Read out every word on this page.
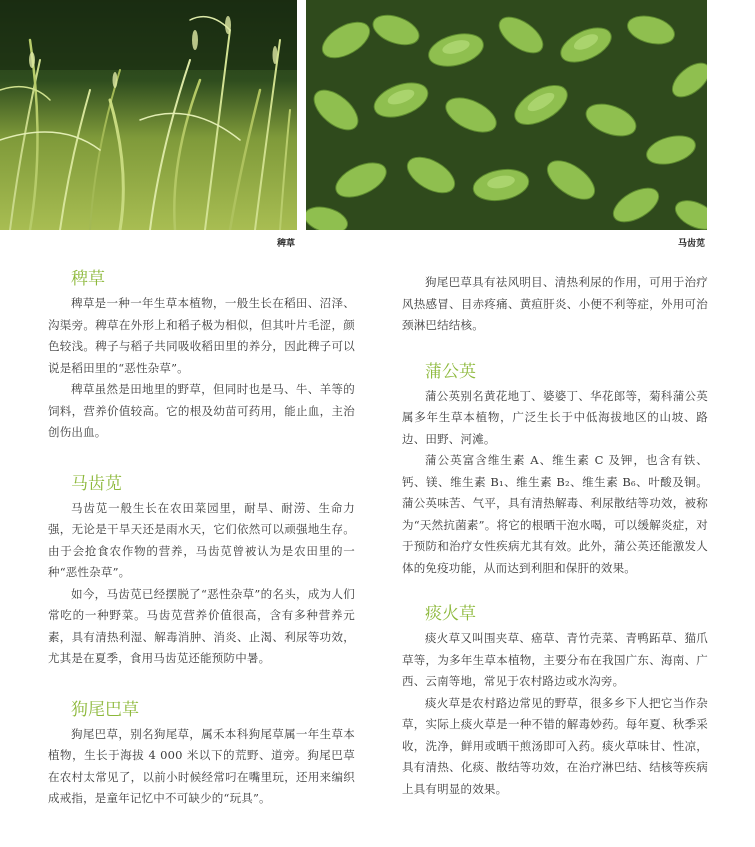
稗草	马齿苋
稗草

稗草是一种一年生草本植物，一般生长在稻田、沼泽、沟渠旁。稗草在外形上和稻子极为相似，但其叶片毛涩，颜色较浅。稗子与稻子共同吸收稻田里的养分，因此稗子可以说是稻田里的“恶性杂草”。

稗草虽然是田地里的野草，但同时也是马、牛、羊等的饲料，营养价值较高。它的根及幼苗可药用，能止血，主治创伤出血。

马齿苋

马齿苋一般生长在农田菜园里，耐旱、耐涝、生命力强，无论是干旱天还是雨水天，它们依然可以顽强地生存。由于会抢食农作物的营养，马齿苋曾被认为是农田里的一种“恶性杂草”。

如今，马齿苋已经摆脱了“恶性杂草”的名头，成为人们常吃的一种野菜。马齿苋营养价值很高，含有多种营养元素，具有清热利湿、解毒消肿、消炎、止渴、利尿等功效，尤其是在夏季，食用马齿苋还能预防中暑。

狗尾巴草

狗尾巴草，别名狗尾草，属禾本科狗尾草属一年生草本植物，生长于海拔 4 000 米以下的荒野、道旁。狗尾巴草在农村太常见了，以前小时候经常叼在嘴里玩，还用来编织成戒指，是童年记忆中不可缺少的“玩具”。

狗尾巴草具有祛风明目、清热利尿的作用，可用于治疗风热感冒、目赤疼痛、黄疸肝炎、小便不利等症，外用可治颈淋巴结结核。

蒲公英

蒲公英别名黄花地丁、婆婆丁、华花郎等，菊科蒲公英属多年生草本植物，广泛生长于中低海拔地区的山坡、路边、田野、河滩。

蒲公英富含维生素 A、维生素 C 及钾，也含有铁、钙、镁、维生素 B₁、维生素 B₂、维生素 B₆、叶酸及铜。蒲公英味苦、气平，具有清热解毒、利尿散结等功效，被称为“天然抗菌素”。将它的根晒干泡水喝，可以缓解炎症，对于预防和治疗女性疾病尤其有效。此外，蒲公英还能激发人体的免疫功能，从而达到利胆和保肝的效果。

痰火草

痰火草又叫围夹草、癌草、青竹壳菜、青鸭跖草、猫爪草等，为多年生草本植物，主要分布在我国广东、海南、广西、云南等地，常见于农村路边或水沟旁。

痰火草是农村路边常见的野草，很多乡下人把它当作杂草，实际上痰火草是一种不错的解毒妙药。每年夏、秋季采收，洗净，鲜用或晒干煎汤即可入药。痰火草味甘、性凉，具有清热、化痰、散结等功效，在治疗淋巴结、结核等疾病上具有明显的效果。
